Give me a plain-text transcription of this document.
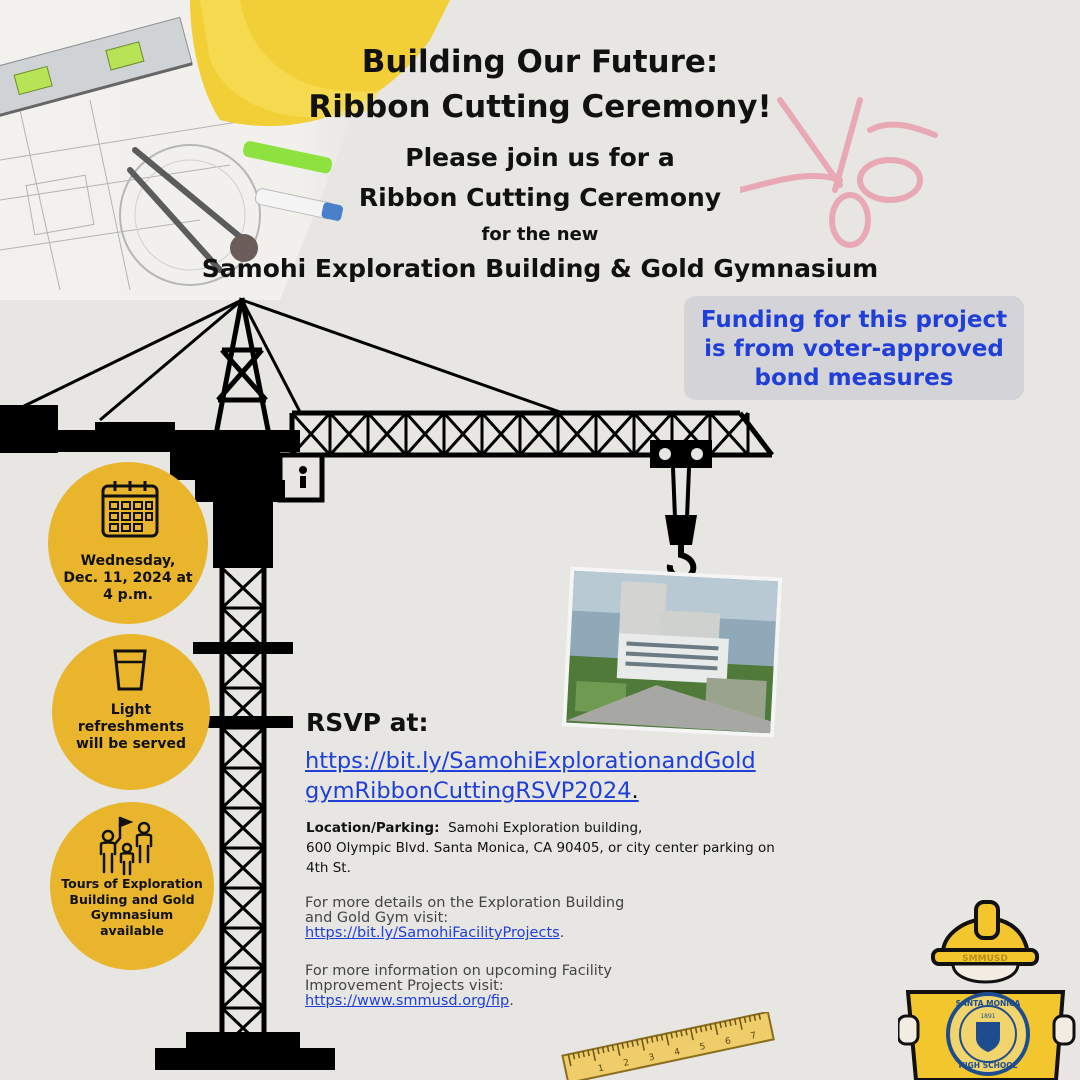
Building Our Future:
Ribbon Cutting Ceremony!
Please join us for a
Ribbon Cutting Ceremony
for the new
Samohi Exploration Building & Gold Gymnasium
Funding for this project
is from voter-approved
bond measures
Wednesday,
Dec. 11, 2024 at
4 p.m.
Light
refreshments
will be served
Tours of Exploration
Building and Gold
Gymnasium
available
RSVP at:
https://bit.ly/SamohiExplorationandGold
gymRibbonCuttingRSVP2024.
Location/Parking: Samohi Exploration building,
600 Olympic Blvd. Santa Monica, CA 90405, or city center parking on
4th St.
For more details on the Exploration Building
and Gold Gym visit:
https://bit.ly/SamohiFacilityProjects.
For more information on upcoming Facility
Improvement Projects visit:
https://www.smmusd.org/fip.
1 2 3 4 5 6 7
SMMUSD
SANTA MONICA
HIGH SCHOOL
1891
